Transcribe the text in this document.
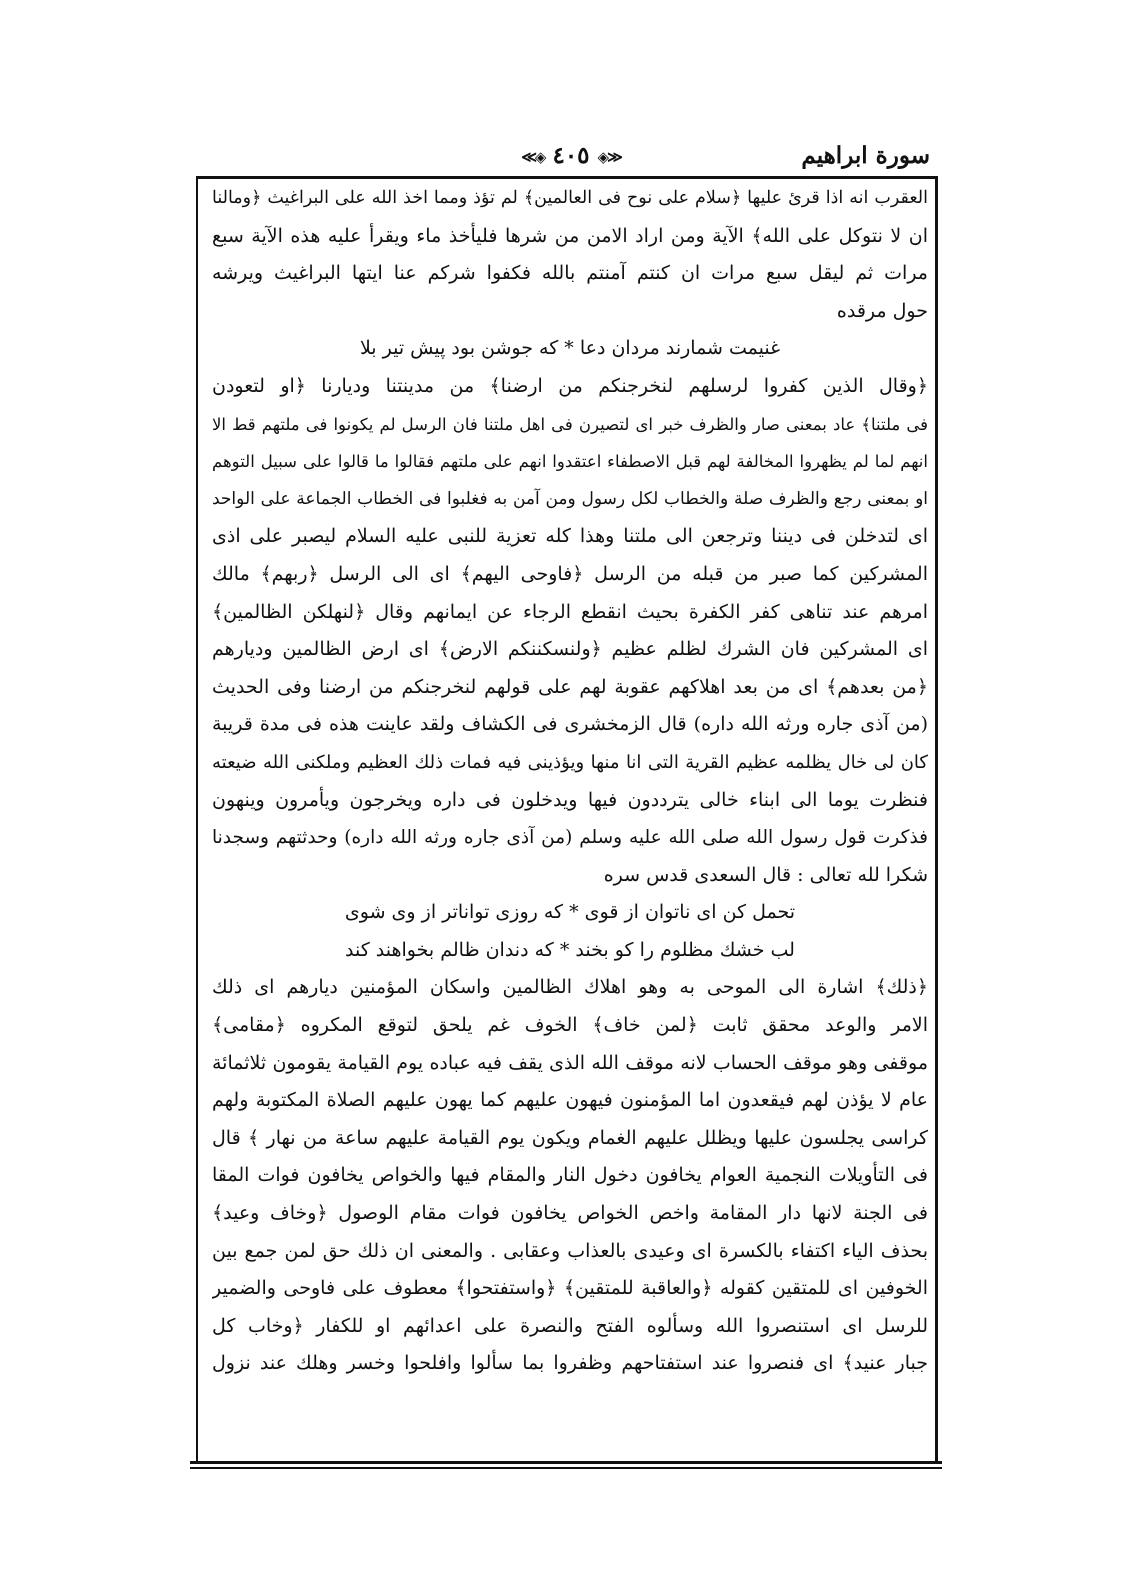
سورة ابراهيم
≪◈ ٤٠٥ ◈≫
العقرب انه اذا قرئ عليها ﴿سلام على نوح فى العالمين﴾ لم تؤذ ومما اخذ الله على البراغيث ﴿ومالنا
ان لا نتوكل على الله﴾ الآية ومن اراد الامن من شرها فليأخذ ماء ويقرأ عليه هذه الآية سبع
مرات ثم ليقل سبع مرات ان كنتم آمنتم بالله فكفوا شركم عنا ايتها البراغيث ويرشه
حول مرقده
غنيمت شمارند مردان دعا * كه جوشن بود پيش تير بلا
﴿وقال الذين كفروا لرسلهم لنخرجنكم من ارضنا﴾ من مدينتنا ودیارنا ﴿او لتعودن
فى ملتنا﴾ عاد بمعنى صار والظرف خبر اى لتصيرن فى اهل ملتنا فان الرسل لم يكونوا فى ملتهم قط الا
انهم لما لم يظهروا المخالفة لهم قبل الاصطفاء اعتقدوا انهم على ملتهم فقالوا ما قالوا على سبيل التوهم
او بمعنى رجع والظرف صلة والخطاب لكل رسول ومن آمن به فغلبوا فى الخطاب الجماعة على الواحد
اى لتدخلن فى ديننا وترجعن الى ملتنا وهذا كله تعزية للنبى عليه السلام ليصبر على اذى
المشركين كما صبر من قبله من الرسل ﴿فاوحى اليهم﴾ اى الى الرسل ﴿ربهم﴾ مالك
امرهم عند تناهى كفر الكفرة بحيث انقطع الرجاء عن ايمانهم وقال ﴿لنهلكن الظالمين﴾
اى المشركين فان الشرك لظلم عظيم ﴿ولنسكننكم الارض﴾ اى ارض الظالمين وديارهم
﴿من بعدهم﴾ اى من بعد اهلاكهم عقوبة لهم على قولهم لنخرجنكم من ارضنا وفى الحديث
(من آذى جاره ورثه الله داره) قال الزمخشرى فى الكشاف ولقد عاينت هذه فى مدة قريبة
كان لى خال يظلمه عظيم القرية التى انا منها ويؤذينى فيه فمات ذلك العظيم وملكنى الله ضيعته
فنظرت يوما الى ابناء خالى يترددون فيها ويدخلون فى داره ويخرجون ويأمرون وينهون
فذكرت قول رسول الله صلى الله عليه وسلم (من آذى جاره ورثه الله داره) وحدثتهم وسجدنا
شكرا لله تعالى : قال السعدى قدس سره
تحمل كن اى ناتوان از قوى * كه روزى تواناتر از وى شوى
لب خشك مظلوم را كو بخند * كه دندان ظالم بخواهند كند
﴿ذلك﴾ اشارة الى الموحى به وهو اهلاك الظالمين واسكان المؤمنين ديارهم اى ذلك
الامر والوعد محقق ثابت ﴿لمن خاف﴾ الخوف غم يلحق لتوقع المكروه ﴿مقامى﴾
موقفى وهو موقف الحساب لانه موقف الله الذى يقف فيه عباده يوم القيامة يقومون ثلاثمائة
عام لا يؤذن لهم فيقعدون اما المؤمنون فيهون عليهم كما يهون عليهم الصلاة المكتوبة ولهم
كراسى يجلسون عليها ويظلل عليهم الغمام ويكون يوم القيامة عليهم ساعة من نهار ﴾ قال
فى التأويلات النجمية العوام يخافون دخول النار والمقام فيها والخواص يخافون فوات المقا
فى الجنة لانها دار المقامة واخص الخواص يخافون فوات مقام الوصول ﴿وخاف وعيد﴾
بحذف الياء اكتفاء بالكسرة اى وعيدى بالعذاب وعقابى . والمعنى ان ذلك حق لمن جمع بين
الخوفين اى للمتقين كقوله ﴿والعاقبة للمتقين﴾ ﴿واستفتحوا﴾ معطوف على فاوحى والضمير
للرسل اى استنصروا الله وسألوه الفتح والنصرة على اعدائهم او للكفار ﴿وخاب كل
جبار عنيد﴾ اى فنصروا عند استفتاحهم وظفروا بما سألوا وافلحوا وخسر وهلك عند نزول
